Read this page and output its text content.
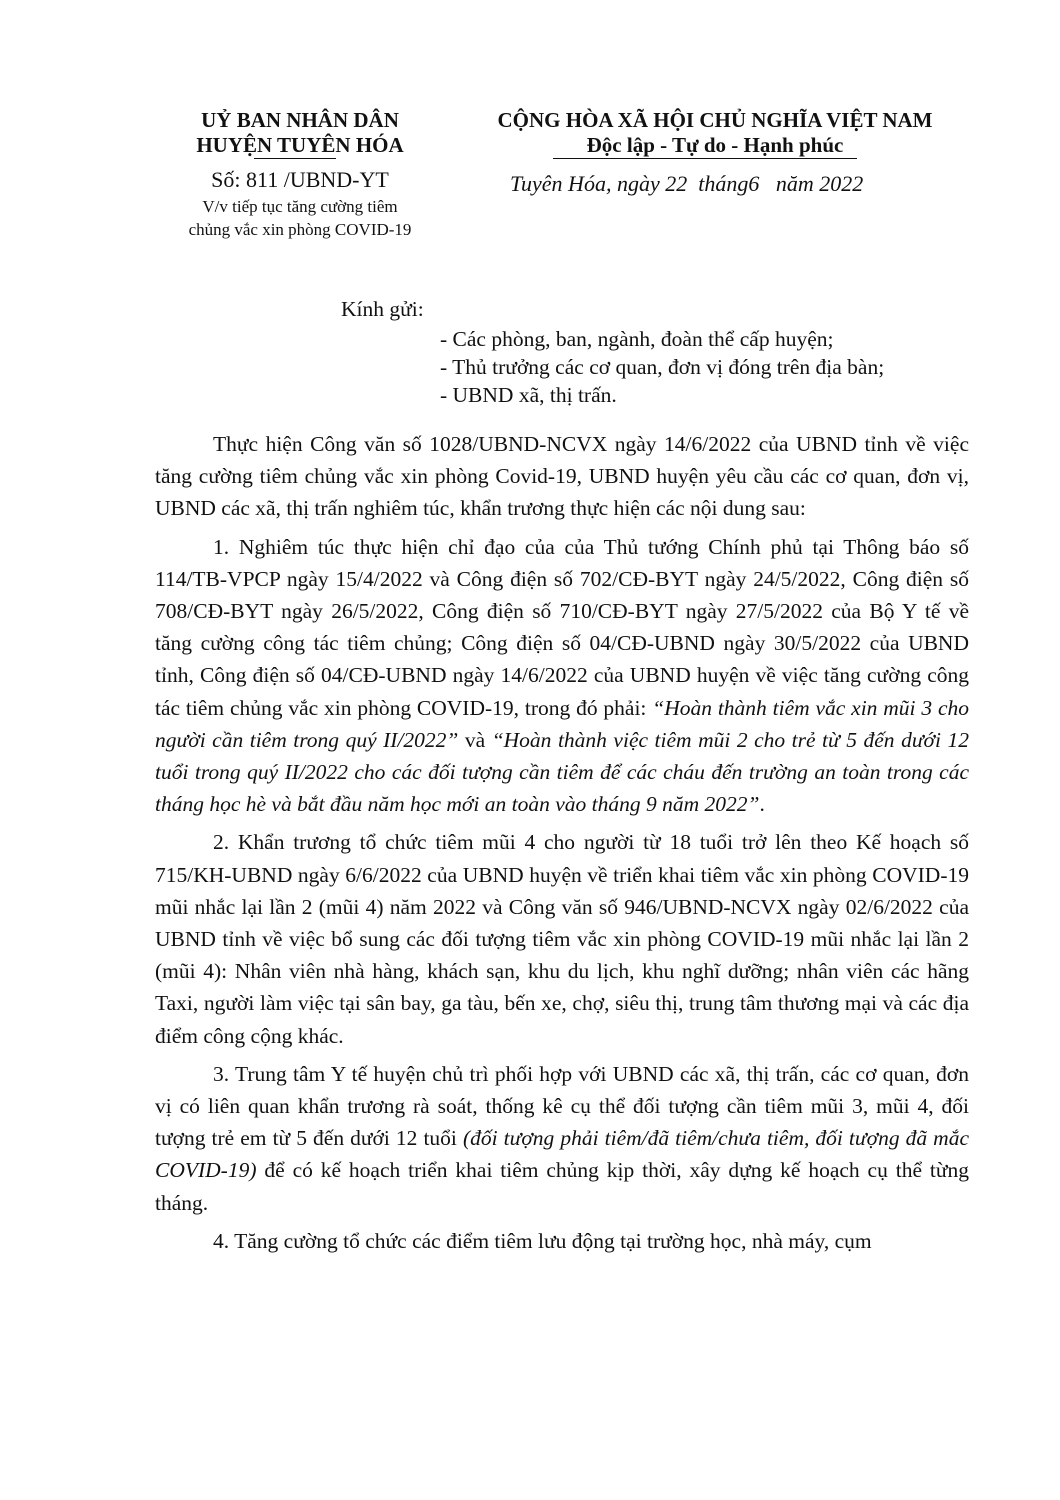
UỶ BAN NHÂN DÂN
HUYỆN TUYÊN HÓA
Số: 811 /UBND-YT
V/v tiếp tục tăng cường tiêm
chủng vắc xin phòng COVID-19
CỘNG HÒA XÃ HỘI CHỦ NGHĨA VIỆT NAM
Độc lập - Tự do - Hạnh phúc
Tuyên Hóa, ngày 22  tháng6   năm 2022
Kính gửi:
- Các phòng, ban, ngành, đoàn thể cấp huyện;
- Thủ trưởng các cơ quan, đơn vị đóng trên địa bàn;
- UBND xã, thị trấn.

Thực hiện Công văn số 1028/UBND-NCVX ngày 14/6/2022 của UBND tỉnh về việc tăng cường tiêm chủng vắc xin phòng Covid-19, UBND huyện yêu cầu các cơ quan, đơn vị, UBND các xã, thị trấn nghiêm túc, khẩn trương thực hiện các nội dung sau:

1. Nghiêm túc thực hiện chỉ đạo của của Thủ tướng Chính phủ tại Thông báo số 114/TB-VPCP ngày 15/4/2022 và Công điện số 702/CĐ-BYT ngày 24/5/2022, Công điện số 708/CĐ-BYT ngày 26/5/2022, Công điện số 710/CĐ-BYT ngày 27/5/2022 của Bộ Y tế về tăng cường công tác tiêm chủng; Công điện số 04/CĐ-UBND ngày 30/5/2022 của UBND tỉnh, Công điện số 04/CĐ-UBND ngày 14/6/2022 của UBND huyện về việc tăng cường công tác tiêm chủng vắc xin phòng COVID-19, trong đó phải: “Hoàn thành tiêm vắc xin mũi 3 cho người cần tiêm trong quý II/2022” và “Hoàn thành việc tiêm mũi 2 cho trẻ từ 5 đến dưới 12 tuổi trong quý II/2022 cho các đối tượng cần tiêm để các cháu đến trường an toàn trong các tháng học hè và bắt đầu năm học mới an toàn vào tháng 9 năm 2022”.

2. Khẩn trương tổ chức tiêm mũi 4 cho người từ 18 tuổi trở lên theo Kế hoạch số 715/KH-UBND ngày 6/6/2022 của UBND huyện về triển khai tiêm vắc xin phòng COVID-19 mũi nhắc lại lần 2 (mũi 4) năm 2022 và Công văn số 946/UBND-NCVX ngày 02/6/2022 của UBND tỉnh về việc bổ sung các đối tượng tiêm vắc xin phòng COVID-19 mũi nhắc lại lần 2 (mũi 4): Nhân viên nhà hàng, khách sạn, khu du lịch, khu nghĩ dưỡng; nhân viên các hãng Taxi, người làm việc tại sân bay, ga tàu, bến xe, chợ, siêu thị, trung tâm thương mại và các địa điểm công cộng khác.

3. Trung tâm Y tế huyện chủ trì phối hợp với UBND các xã, thị trấn, các cơ quan, đơn vị có liên quan khẩn trương rà soát, thống kê cụ thể đối tượng cần tiêm mũi 3, mũi 4, đối tượng trẻ em từ 5 đến dưới 12 tuổi (đối tượng phải tiêm/đã tiêm/chưa tiêm, đối tượng đã mắc COVID-19) để có kế hoạch triển khai tiêm chủng kịp thời, xây dựng kế hoạch cụ thể từng tháng.

4. Tăng cường tổ chức các điểm tiêm lưu động tại trường học, nhà máy, cụm
